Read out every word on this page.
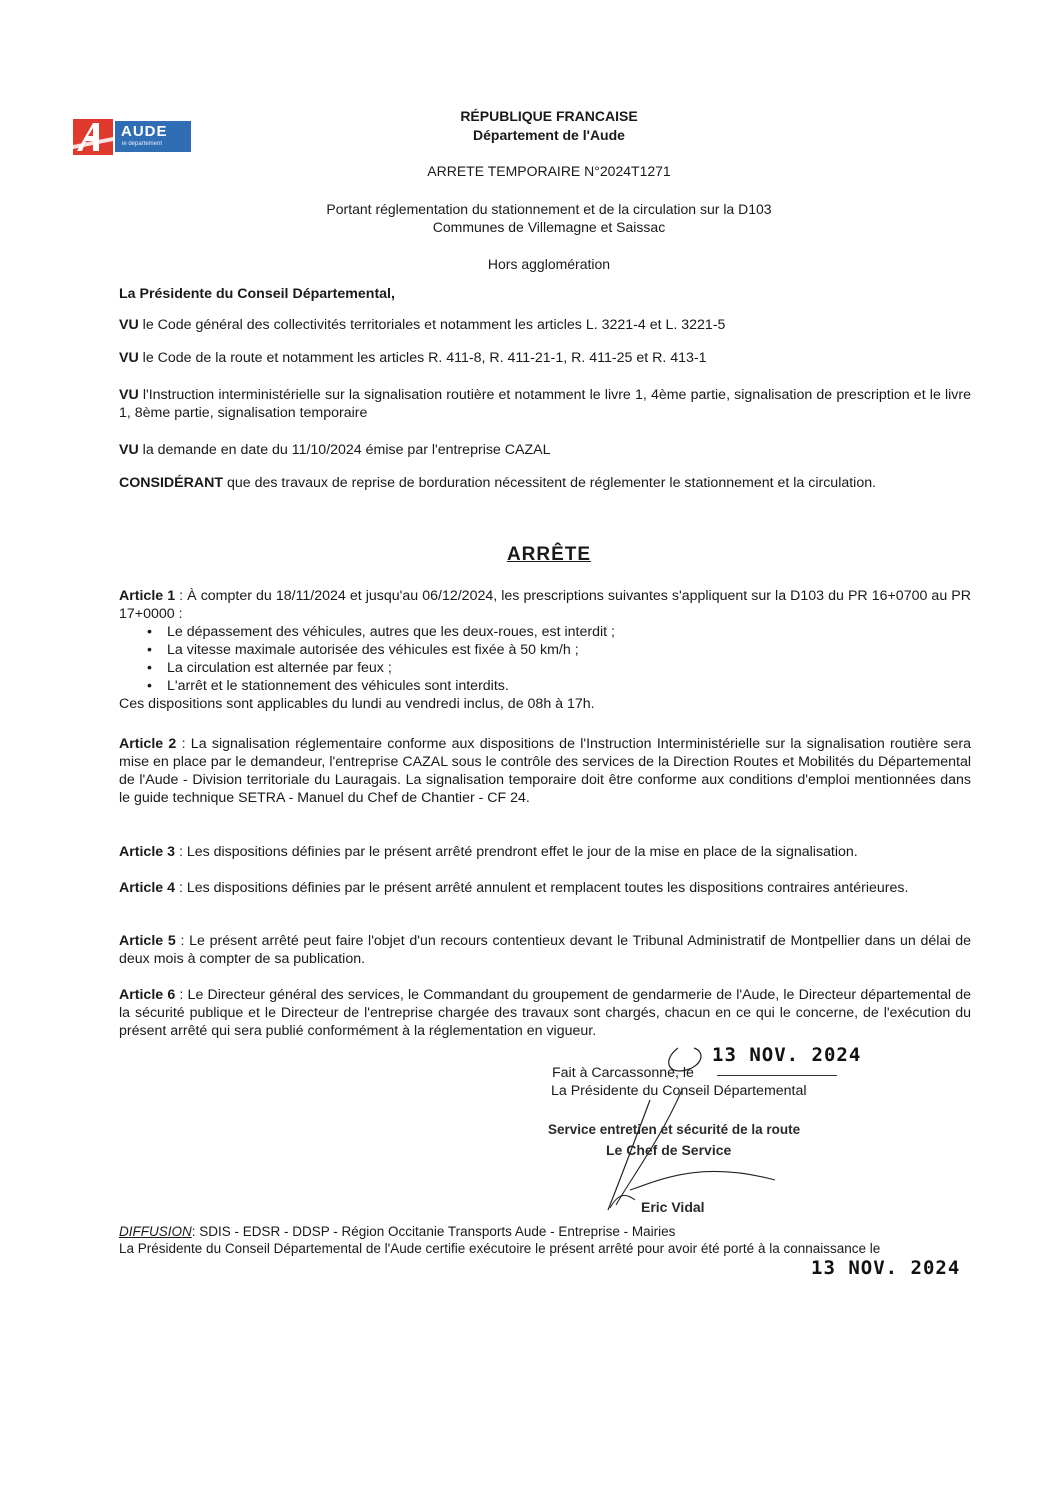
AUDE
le département
RÉPUBLIQUE FRANCAISE
Département de l'Aude
ARRETE TEMPORAIRE N°2024T1271
Portant réglementation du stationnement et de la circulation sur la D103
Communes de Villemagne et Saissac
Hors agglomération
La Présidente du Conseil Départemental,
VU le Code général des collectivités territoriales et notamment les articles L. 3221-4 et L. 3221-5
VU le Code de la route et notamment les articles R. 411-8, R. 411-21-1, R. 411-25 et R. 413-1
VU l'Instruction interministérielle sur la signalisation routière et notamment le livre 1, 4ème partie, signalisation de prescription et le livre 1, 8ème partie, signalisation temporaire
VU la demande en date du 11/10/2024 émise par l'entreprise CAZAL
CONSIDÉRANT que des travaux de reprise de borduration nécessitent de réglementer le stationnement et la circulation.
ARRÊTE
Article 1 : À compter du 18/11/2024 et jusqu'au 06/12/2024, les prescriptions suivantes s'appliquent sur la D103 du PR 16+0700 au PR 17+0000 :
• Le dépassement des véhicules, autres que les deux-roues, est interdit ;
• La vitesse maximale autorisée des véhicules est fixée à 50 km/h ;
• La circulation est alternée par feux ;
• L'arrêt et le stationnement des véhicules sont interdits.
Ces dispositions sont applicables du lundi au vendredi inclus, de 08h à 17h.
Article 2 : La signalisation réglementaire conforme aux dispositions de l'Instruction Interministérielle sur la signalisation routière sera mise en place par le demandeur, l'entreprise CAZAL sous le contrôle des services de la Direction Routes et Mobilités du Départemental de l'Aude - Division territoriale du Lauragais. La signalisation temporaire doit être conforme aux conditions d'emploi mentionnées dans le guide technique SETRA - Manuel du Chef de Chantier - CF 24.
Article 3 : Les dispositions définies par le présent arrêté prendront effet le jour de la mise en place de la signalisation.
Article 4 : Les dispositions définies par le présent arrêté annulent et remplacent toutes les dispositions contraires antérieures.
Article 5 : Le présent arrêté peut faire l'objet d'un recours contentieux devant le Tribunal Administratif de Montpellier dans un délai de deux mois à compter de sa publication.
Article 6 : Le Directeur général des services, le Commandant du groupement de gendarmerie de l'Aude, le Directeur départemental de la sécurité publique et le Directeur de l'entreprise chargée des travaux sont chargés, chacun en ce qui le concerne, de l'exécution du présent arrêté qui sera publié conformément à la réglementation en vigueur.
Fait à Carcassonne, le
13 NOV. 2024
La Présidente du Conseil Départemental
Service entretien et sécurité de la route
Le Chef de Service
Eric Vidal
DIFFUSION: SDIS - EDSR - DDSP - Région Occitanie Transports Aude - Entreprise - Mairies
La Présidente du Conseil Départemental de l'Aude certifie exécutoire le présent arrêté pour avoir été porté à la connaissance le
13 NOV. 2024
